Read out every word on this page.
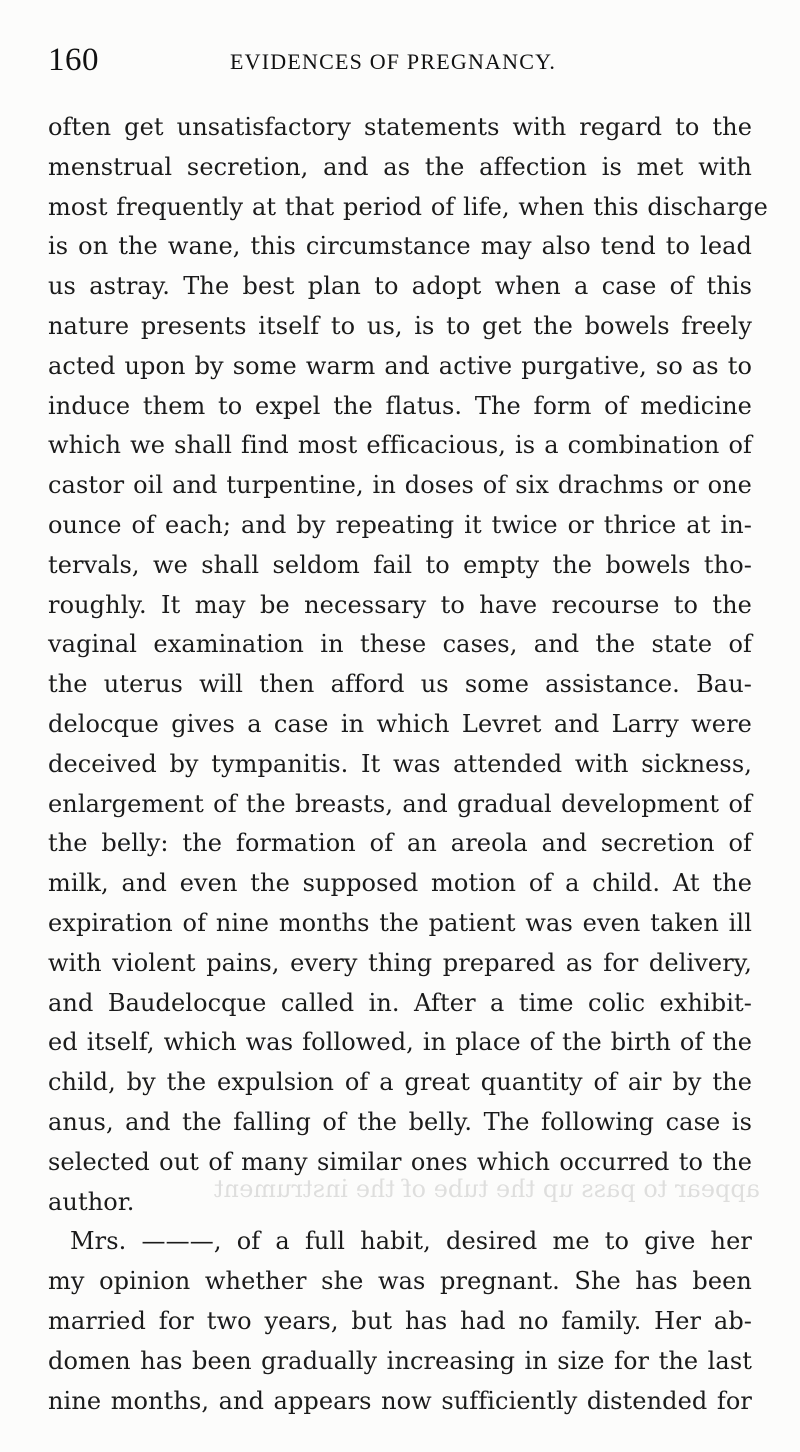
appear to pass up the tube of the instrument
160	EVIDENCES OF PREGNANCY.
often get unsatisfactory statements with regard to the
menstrual secretion, and as the affection is met with
most frequently at that period of life, when this discharge
is on the wane, this circumstance may also tend to lead
us astray. The best plan to adopt when a case of this
nature presents itself to us, is to get the bowels freely
acted upon by some warm and active purgative, so as to
induce them to expel the flatus. The form of medicine
which we shall find most efficacious, is a combination of
castor oil and turpentine, in doses of six drachms or one
ounce of each; and by repeating it twice or thrice at in-
tervals, we shall seldom fail to empty the bowels tho-
roughly. It may be necessary to have recourse to the
vaginal examination in these cases, and the state of
the uterus will then afford us some assistance. Bau-
delocque gives a case in which Levret and Larry were
deceived by tympanitis. It was attended with sickness,
enlargement of the breasts, and gradual development of
the belly: the formation of an areola and secretion of
milk, and even the supposed motion of a child. At the
expiration of nine months the patient was even taken ill
with violent pains, every thing prepared as for delivery,
and Baudelocque called in. After a time colic exhibit-
ed itself, which was followed, in place of the birth of the
child, by the expulsion of a great quantity of air by the
anus, and the falling of the belly. The following case is
selected out of many similar ones which occurred to the
author.
Mrs. ———, of a full habit, desired me to give her
my opinion whether she was pregnant. She has been
married for two years, but has had no family. Her ab-
domen has been gradually increasing in size for the last
nine months, and appears now sufficiently distended for
